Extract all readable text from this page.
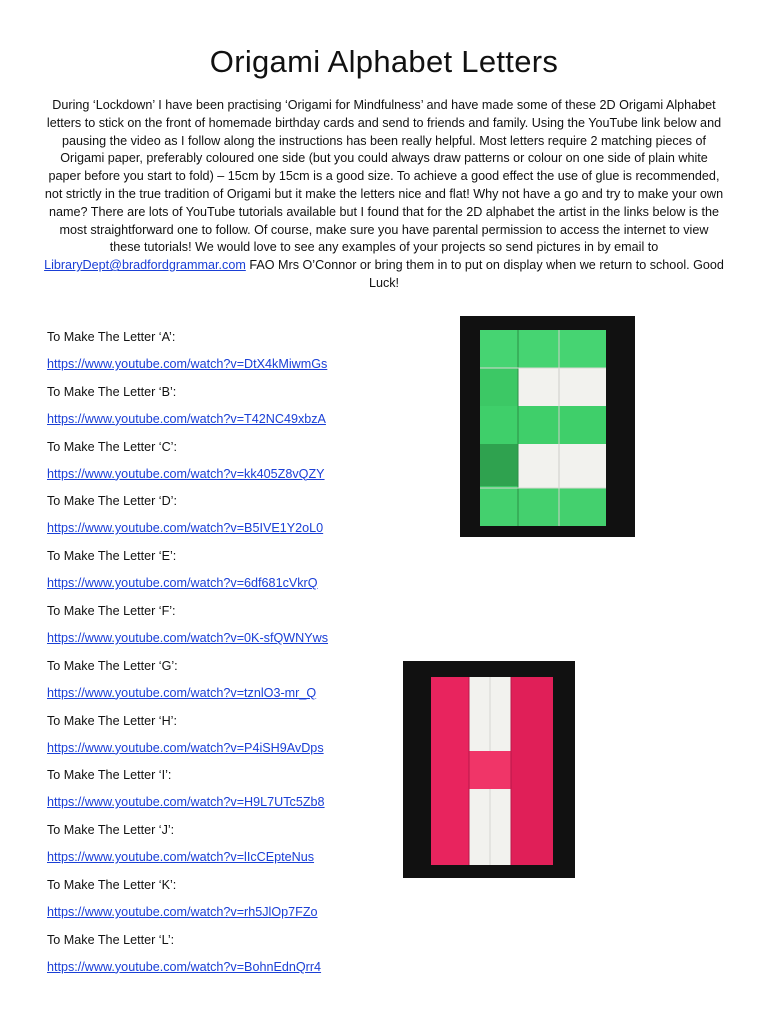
Origami Alphabet Letters
During ‘Lockdown’ I have been practising ‘Origami for Mindfulness’ and have made some of these 2D Origami Alphabet letters to stick on the front of homemade birthday cards and send to friends and family. Using the YouTube link below and pausing the video as I follow along the instructions has been really helpful. Most letters require 2 matching pieces of Origami paper, preferably coloured one side (but you could always draw patterns or colour on one side of plain white paper before you start to fold) – 15cm by 15cm is a good size. To achieve a good effect the use of glue is recommended, not strictly in the true tradition of Origami but it make the letters nice and flat! Why not have a go and try to make your own name? There are lots of YouTube tutorials available but I found that for the 2D alphabet the artist in the links below is the most straightforward one to follow. Of course, make sure you have parental permission to access the internet to view these tutorials! We would love to see any examples of your projects so send pictures in by email to LibraryDept@bradfordgrammar.com FAO Mrs O’Connor or bring them in to put on display when we return to school. Good Luck!
To Make The Letter ‘A’:
https://www.youtube.com/watch?v=DtX4kMiwmGs
To Make The Letter ‘B’:
https://www.youtube.com/watch?v=T42NC49xbzA
To Make The Letter ‘C’:
https://www.youtube.com/watch?v=kk405Z8vQZY
To Make The Letter ‘D’:
https://www.youtube.com/watch?v=B5IVE1Y2oL0
To Make The Letter ‘E’:
https://www.youtube.com/watch?v=6df681cVkrQ
To Make The Letter ‘F’:
https://www.youtube.com/watch?v=0K-sfQWNYws
To Make The Letter ‘G’:
https://www.youtube.com/watch?v=tznlO3-mr_Q
To Make The Letter ‘H’:
https://www.youtube.com/watch?v=P4iSH9AvDps
To Make The Letter ‘I’:
https://www.youtube.com/watch?v=H9L7UTc5Zb8
To Make The Letter ‘J’:
https://www.youtube.com/watch?v=lIcCEpteNus
To Make The Letter ‘K’:
https://www.youtube.com/watch?v=rh5JlOp7FZo
To Make The Letter ‘L’:
https://www.youtube.com/watch?v=BohnEdnQrr4
